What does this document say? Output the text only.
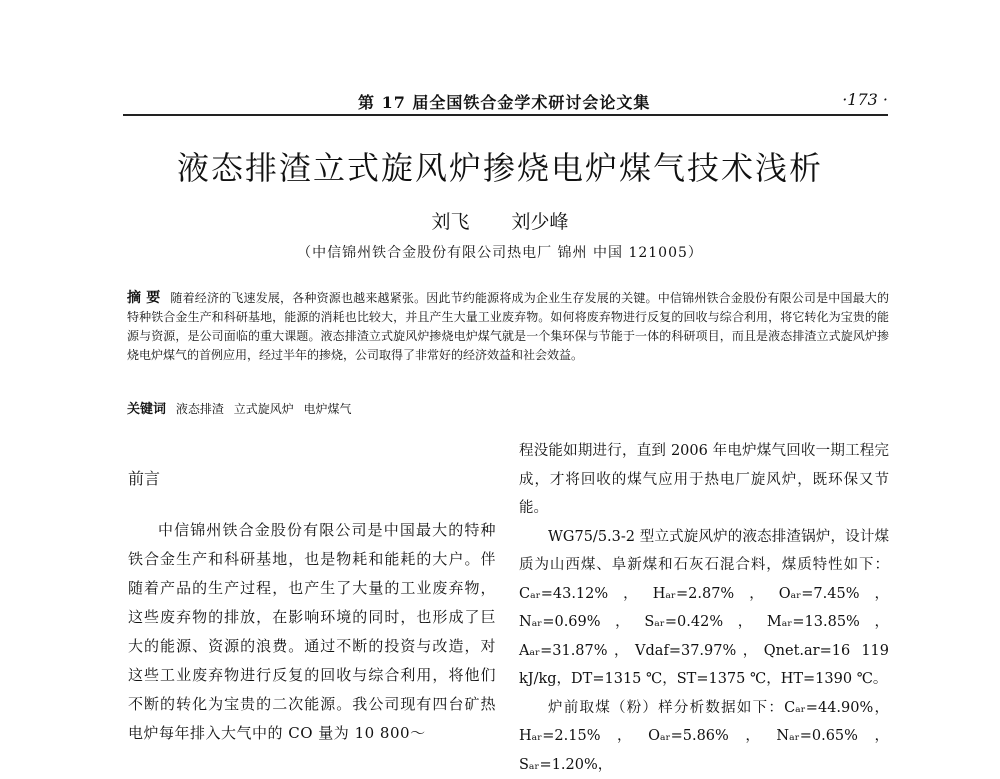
第 17 届全国铁合金学术研讨会论文集	·173 ·
液态排渣立式旋风炉掺烧电炉煤气技术浅析
刘飞 刘少峰
（中信锦州铁合金股份有限公司热电厂 锦州 中国 121005）
摘 要 随着经济的飞速发展，各种资源也越来越紧张。因此节约能源将成为企业生存发展的关键。中信锦州铁合金股份有限公司是中国最大的特种铁合金生产和科研基地，能源的消耗也比较大，并且产生大量工业废弃物。如何将废弃物进行反复的回收与综合利用，将它转化为宝贵的能源与资源，是公司面临的重大课题。液态排渣立式旋风炉掺烧电炉煤气就是一个集环保与节能于一体的科研项目，而且是液态排渣立式旋风炉掺烧电炉煤气的首例应用，经过半年的掺烧，公司取得了非常好的经济效益和社会效益。
关键词 液态排渣 立式旋风炉 电炉煤气
前言

中信锦州铁合金股份有限公司是中国最大的特种铁合金生产和科研基地，也是物耗和能耗的大户。伴随着产品的生产过程，也产生了大量的工业废弃物，这些废弃物的排放，在影响环境的同时，也形成了巨大的能源、资源的浪费。通过不断的投资与改造，对这些工业废弃物进行反复的回收与综合利用，将他们不断的转化为宝贵的二次能源。我公司现有四台矿热电炉每年排入大气中的 CO 量为 10 800～

程没能如期进行，直到 2006 年电炉煤气回收一期工程完成，才将回收的煤气应用于热电厂旋风炉，既环保又节能。

WG75/5.3-2 型立式旋风炉的液态排渣锅炉，设计煤质为山西煤、阜新煤和石灰石混合料，煤质特性如下：Cₐᵣ=43.12%，Hₐᵣ=2.87%，Oₐᵣ=7.45%，Nₐᵣ=0.69%，Sₐᵣ=0.42%，Mₐᵣ=13.85%，Aₐᵣ=31.87%，Vdaf=37.97%，Qnet.ar=16 119 kJ/kg，DT=1315 ℃，ST=1375 ℃，HT=1390 ℃。

炉前取煤（粉）样分析数据如下：Cₐᵣ=44.90%，Hₐᵣ=2.15%，Oₐᵣ=5.86%，Nₐᵣ=0.65%，Sₐᵣ=1.20%，
